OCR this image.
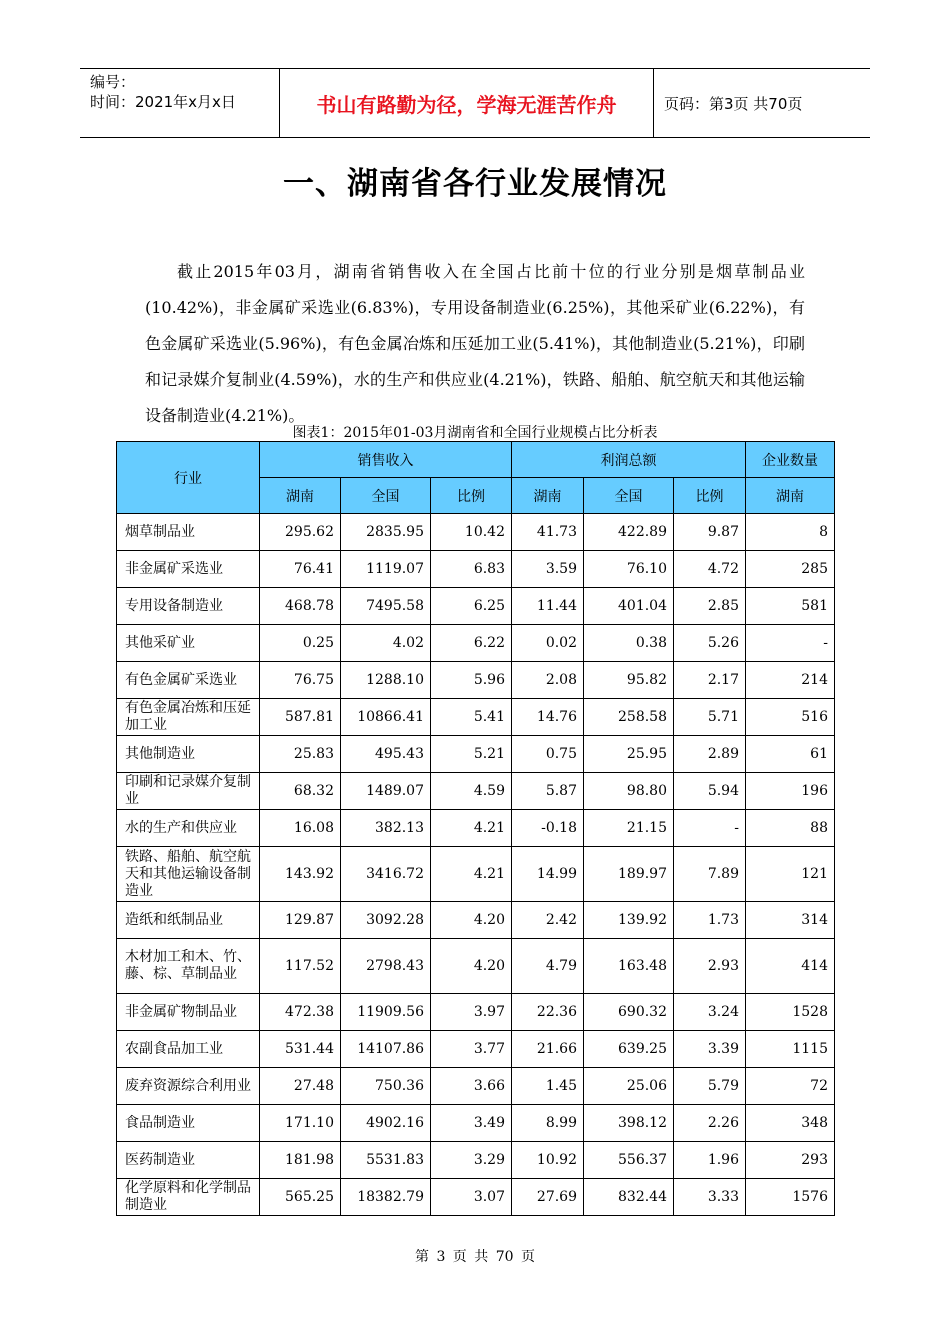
编号：
时间：2021年x月x日	书山有路勤为径，学海无涯苦作舟	页码：第3页 共70页
一、湖南省各行业发展情况
截止2015年03月，湖南省销售收入在全国占比前十位的行业分别是烟草制品业(10.42%)，非金属矿采选业(6.83%)，专用设备制造业(6.25%)，其他采矿业(6.22%)，有色金属矿采选业(5.96%)，有色金属冶炼和压延加工业(5.41%)，其他制造业(5.21%)，印刷和记录媒介复制业(4.59%)，水的生产和供应业(4.21%)，铁路、船舶、航空航天和其他运输设备制造业(4.21%)。
图表1：2015年01-03月湖南省和全国行业规模占比分析表
行业	销售收入			利润总额			企业数量
	湖南	全国	比例	湖南	全国	比例	湖南
烟草制品业	295.62	2835.95	10.42	41.73	422.89	9.87	8
非金属矿采选业	76.41	1119.07	6.83	3.59	76.10	4.72	285
专用设备制造业	468.78	7495.58	6.25	11.44	401.04	2.85	581
其他采矿业	0.25	4.02	6.22	0.02	0.38	5.26	-
有色金属矿采选业	76.75	1288.10	5.96	2.08	95.82	2.17	214
有色金属冶炼和压延加工业	587.81	10866.41	5.41	14.76	258.58	5.71	516
其他制造业	25.83	495.43	5.21	0.75	25.95	2.89	61
印刷和记录媒介复制业	68.32	1489.07	4.59	5.87	98.80	5.94	196
水的生产和供应业	16.08	382.13	4.21	-0.18	21.15	-	88
铁路、船舶、航空航天和其他运输设备制造业	143.92	3416.72	4.21	14.99	189.97	7.89	121
造纸和纸制品业	129.87	3092.28	4.20	2.42	139.92	1.73	314
木材加工和木、竹、藤、棕、草制品业	117.52	2798.43	4.20	4.79	163.48	2.93	414
非金属矿物制品业	472.38	11909.56	3.97	22.36	690.32	3.24	1528
农副食品加工业	531.44	14107.86	3.77	21.66	639.25	3.39	1115
废弃资源综合利用业	27.48	750.36	3.66	1.45	25.06	5.79	72
食品制造业	171.10	4902.16	3.49	8.99	398.12	2.26	348
医药制造业	181.98	5531.83	3.29	10.92	556.37	1.96	293
化学原料和化学制品制造业	565.25	18382.79	3.07	27.69	832.44	3.33	1576
第 3 页 共 70 页
